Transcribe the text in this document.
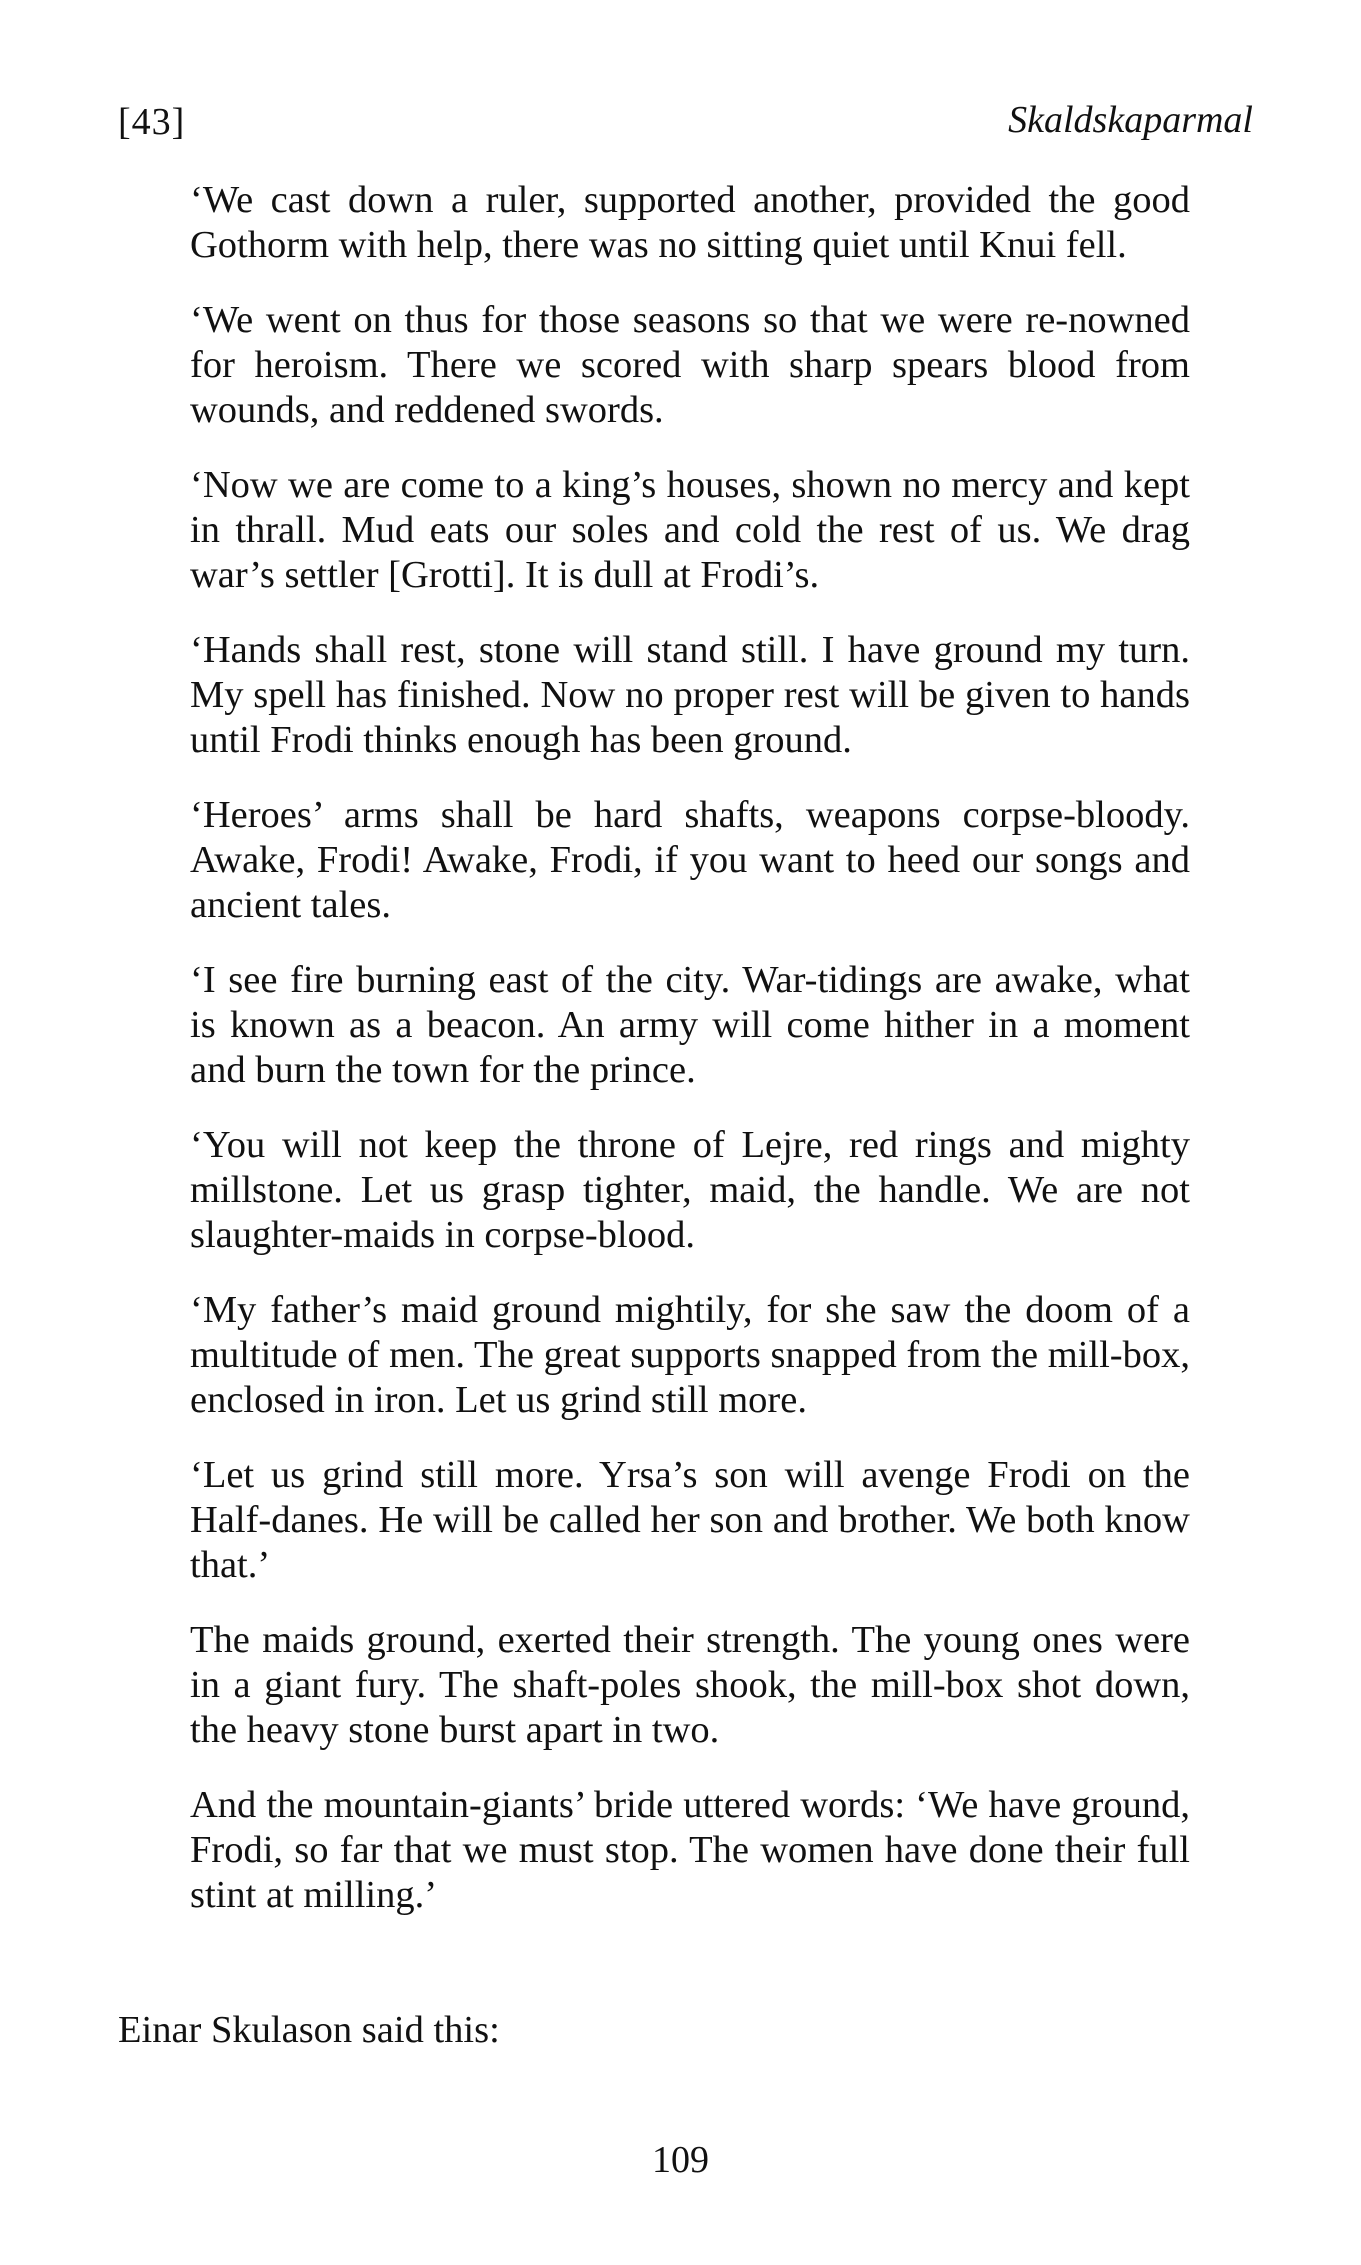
[43]	Skaldskaparmal

‘We cast down a ruler, supported another, provided the good Gothorm with help, there was no sitting quiet until Knui fell.

‘We went on thus for those seasons so that we were re-nowned for heroism. There we scored with sharp spears blood from wounds, and reddened swords.

‘Now we are come to a king’s houses, shown no mercy and kept in thrall. Mud eats our soles and cold the rest of us. We drag war’s settler [Grotti]. It is dull at Frodi’s.

‘Hands shall rest, stone will stand still. I have ground my turn. My spell has finished. Now no proper rest will be given to hands until Frodi thinks enough has been ground.

‘Heroes’ arms shall be hard shafts, weapons corpse-bloody. Awake, Frodi! Awake, Frodi, if you want to heed our songs and ancient tales.

‘I see fire burning east of the city. War-tidings are awake, what is known as a beacon. An army will come hither in a moment and burn the town for the prince.

‘You will not keep the throne of Lejre, red rings and mighty millstone. Let us grasp tighter, maid, the handle. We are not slaughter-maids in corpse-blood.

‘My father’s maid ground mightily, for she saw the doom of a multitude of men. The great supports snapped from the mill-box, enclosed in iron. Let us grind still more.

‘Let us grind still more. Yrsa’s son will avenge Frodi on the Half-danes. He will be called her son and brother. We both know that.’

The maids ground, exerted their strength. The young ones were in a giant fury. The shaft-poles shook, the mill-box shot down, the heavy stone burst apart in two.

And the mountain-giants’ bride uttered words: ‘We have ground, Frodi, so far that we must stop. The women have done their full stint at milling.’

Einar Skulason said this:

109
